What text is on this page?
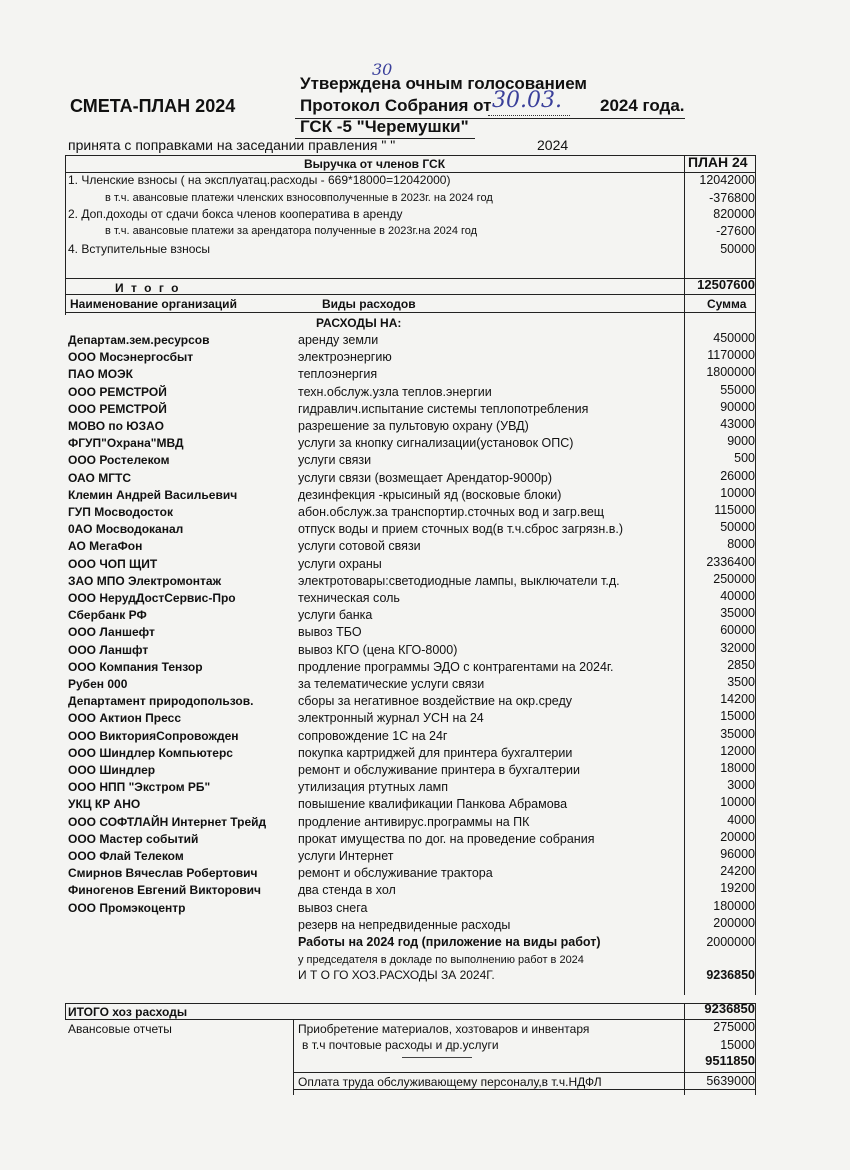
Утверждена очным голосованием
30
СМЕТА-ПЛАН 2024	Протокол Собрания от 30.03. 2024 года.
ГСК -5 "Черемушки"
принята с поправками на заседании правления " "	2024
Выручка от членов ГСК	ПЛАН 24
1. Членские взносы ( на эксплуатац.расходы - 669*18000=12042000)	12042000
в т.ч. авансовые платежи членских взносовполученные в 2023г. на 2024 год	-376800
2. Доп.доходы от сдачи бокса членов кооператива в аренду	820000
в т.ч. авансовые платежи за арендатора полученные в 2023г.на 2024 год	-27600
4. Вступительные взносы	50000
И т о г о	12507600
Наименование организаций	Виды расходов	Сумма
РАСХОДЫ НА:
Департам.зем.ресурсов	аренду земли	450000
ООО Мосэнергосбыт	электроэнергию	1170000
ПАО МОЭК	теплоэнергия	1800000
ООО РЕМСТРОЙ	техн.обслуж.узла теплов.энергии	55000
ООО РЕМСТРОЙ	гидравлич.испытание системы теплопотребления	90000
МОВО по ЮЗАО	разрешение за пультовую охрану (УВД)	43000
ФГУП"Охрана"МВД	услуги за кнопку сигнализации(установок ОПС)	9000
ООО Ростелеком	услуги связи	500
ОАО МГТС	услуги связи (возмещает Арендатор-9000р)	26000
Клемин Андрей Васильевич	дезинфекция -крысиный яд (восковые блоки)	10000
ГУП Мосводосток	абон.обслуж.за транспортир.сточных вод и загр.вещ	115000
0АО Мосводоканал	отпуск воды и прием сточных вод(в т.ч.сброс загрязн.в.)	50000
АО МегаФон	услуги сотовой связи	8000
ООО ЧОП ЩИТ	услуги охраны	2336400
ЗАО МПО Электромонтаж	электротовары:светодиодные лампы, выключатели т.д.	250000
ООО НерудДостСервис-Про	техническая соль	40000
Сбербанк РФ	услуги банка	35000
ООО Ланшефт	вывоз ТБО	60000
ООО Ланшфт	вывоз КГО (цена КГО-8000)	32000
ООО Компания Тензор	продление программы ЭДО с контрагентами на 2024г.	2850
Рубен 000	за телематические услуги связи	3500
Департамент природопользов.	сборы за негативное воздействие на окр.среду	14200
ООО Актион Пресс	электронный журнал УСН на 24	15000
ООО ВикторияСопровожден	сопровождение 1С на 24г	35000
ООО Шиндлер Компьютерс	покупка картриджей для принтера бухгалтерии	12000
ООО Шиндлер	ремонт и обслуживание принтера в бухгалтерии	18000
ООО НПП "Экстром РБ"	утилизация ртутных ламп	3000
УКЦ КР АНО	повышение квалификации Панкова Абрамова	10000
ООО СОФТЛАЙН Интернет Трейд	продление антивирус.программы на ПК	4000
ООО Мастер событий	прокат имущества по дог. на проведение собрания	20000
ООО Флай Телеком	услуги Интернет	96000
Смирнов Вячеслав Робертович	ремонт и обслуживание трактора	24200
Финогенов Евгений Викторович	два стенда в хол	19200
ООО Промэкоцентр	вывоз снега	180000
резерв на непредвиденные расходы	200000
Работы на 2024 год (приложение на виды работ)	2000000
у председателя в докладе по выполнению работ в 2024
И Т О ГО ХОЗ.РАСХОДЫ ЗА 2024Г.	9236850
ИТОГО хоз расходы	9236850
Авансовые отчеты	Приобретение материалов, хозтоваров и инвентаря	275000
в т.ч почтовые расходы и др.услуги	15000
9511850
Оплата труда обслуживающему персоналу,в т.ч.НДФЛ	5639000
